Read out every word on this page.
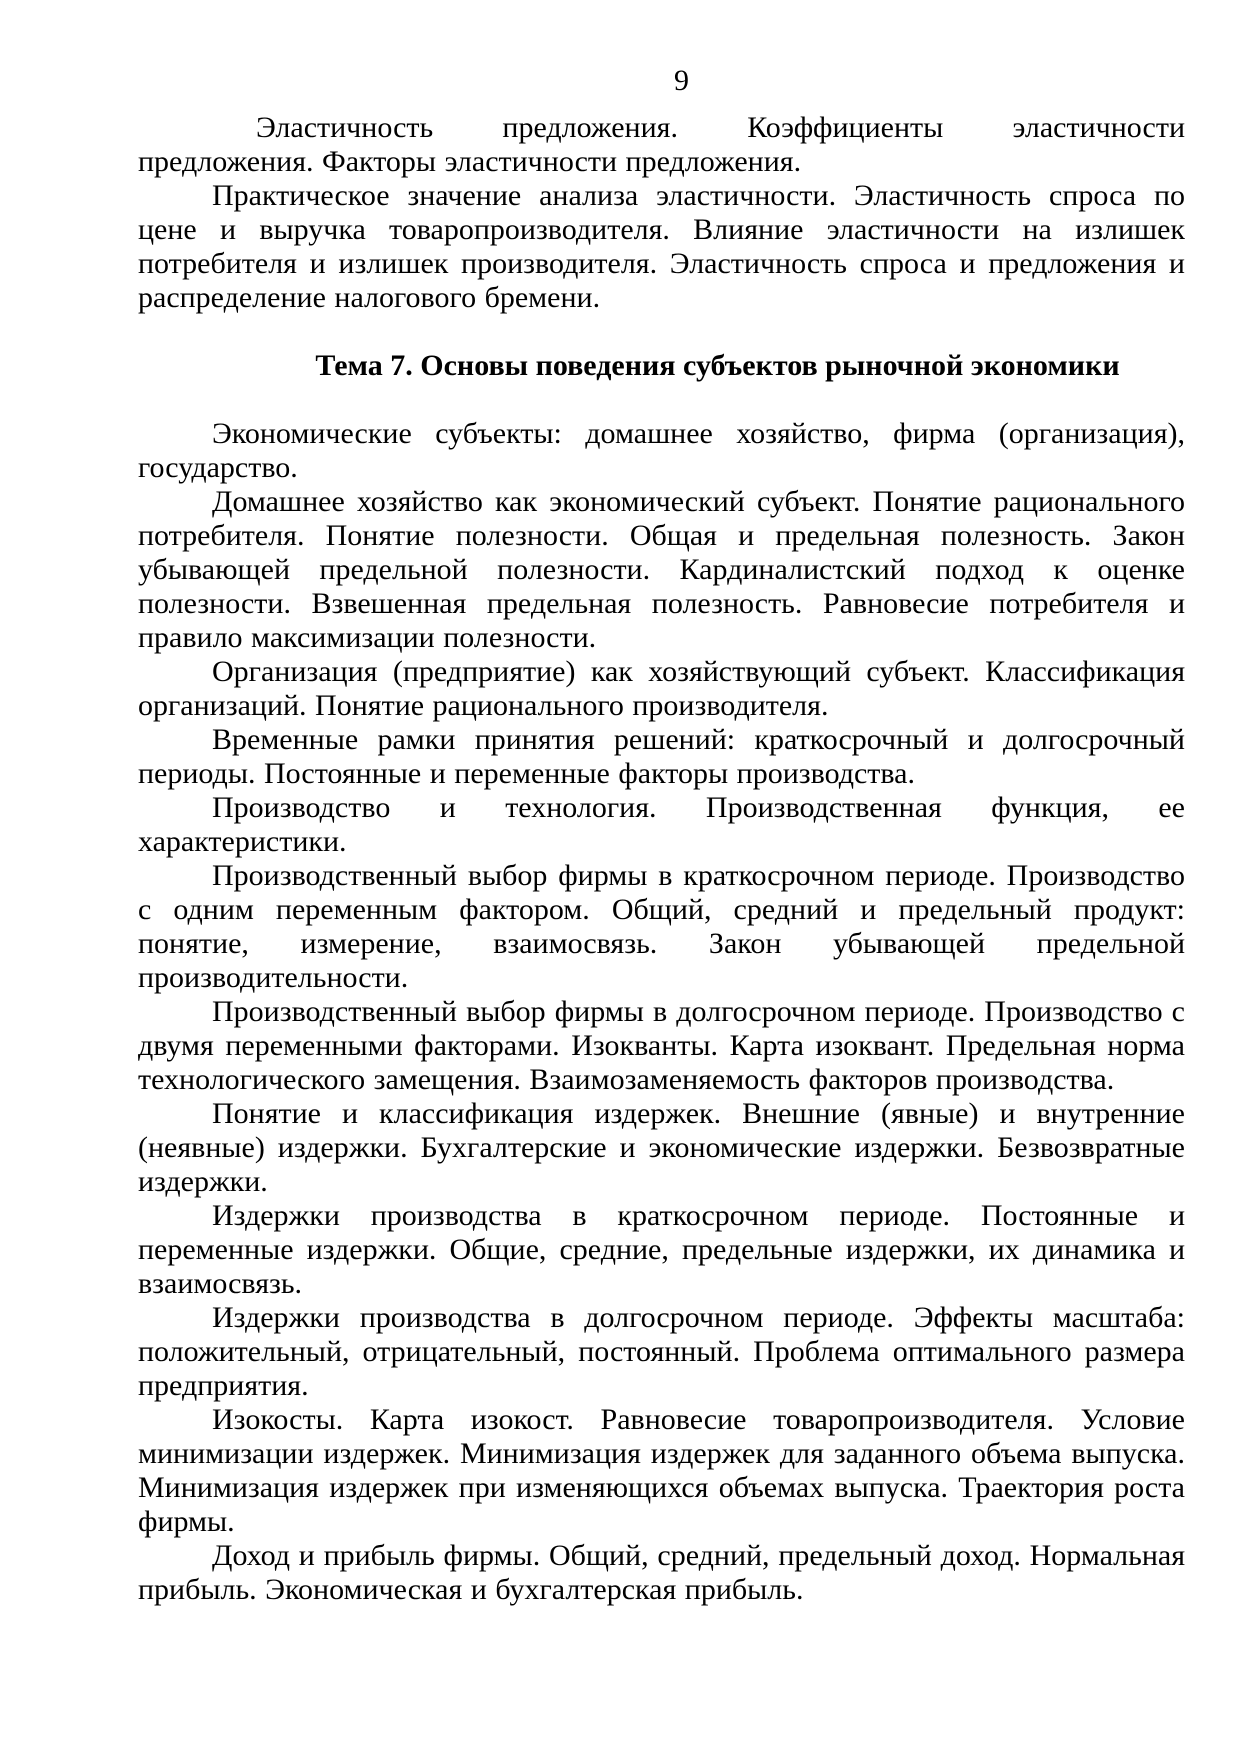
9

Эластичность предложения. Коэффициенты эластичности предложения. Факторы эластичности предложения.

Практическое значение анализа эластичности. Эластичность спроса по цене и выручка товаропроизводителя. Влияние эластичности на излишек потребителя и излишек производителя. Эластичность спроса и предложения и распределение налогового бремени.

Тема 7. Основы поведения субъектов рыночной экономики

Экономические субъекты: домашнее хозяйство, фирма (организация), государство.

Домашнее хозяйство как экономический субъект. Понятие рационального потребителя. Понятие полезности. Общая и предельная полезность. Закон убывающей предельной полезности. Кардиналистский подход к оценке полезности. Взвешенная предельная полезность. Равновесие потребителя и правило максимизации полезности.

Организация (предприятие) как хозяйствующий субъект. Классификация организаций. Понятие рационального производителя.

Временные рамки принятия решений: краткосрочный и долгосрочный периоды. Постоянные и переменные факторы производства.

Производство и технология. Производственная функция, ее характеристики.

Производственный выбор фирмы в краткосрочном периоде. Производство с одним переменным фактором. Общий, средний и предельный продукт: понятие, измерение, взаимосвязь. Закон убывающей предельной производительности.

Производственный выбор фирмы в долгосрочном периоде. Производство с двумя переменными факторами. Изокванты. Карта изоквант. Предельная норма технологического замещения. Взаимозаменяемость факторов производства.

Понятие и классификация издержек. Внешние (явные) и внутренние (неявные) издержки. Бухгалтерские и экономические издержки. Безвозвратные издержки.

Издержки производства в краткосрочном периоде. Постоянные и переменные издержки. Общие, средние, предельные издержки, их динамика и взаимосвязь.

Издержки производства в долгосрочном периоде. Эффекты масштаба: положительный, отрицательный, постоянный. Проблема оптимального размера предприятия.

Изокосты. Карта изокост. Равновесие товаропроизводителя. Условие минимизации издержек. Минимизация издержек для заданного объема выпуска. Минимизация издержек при изменяющихся объемах выпуска. Траектория роста фирмы.

Доход и прибыль фирмы. Общий, средний, предельный доход. Нормальная прибыль. Экономическая и бухгалтерская прибыль.
